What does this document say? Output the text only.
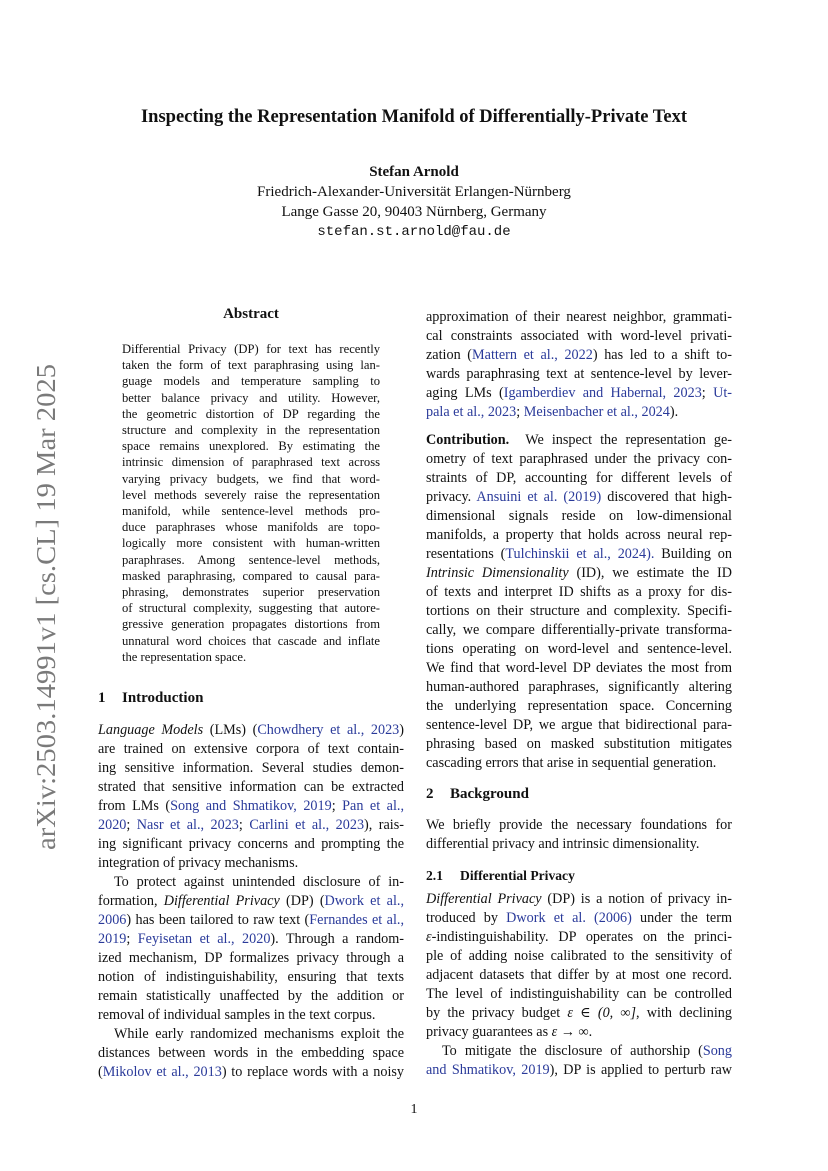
arXiv:2503.14991v1 [cs.CL] 19 Mar 2025
Inspecting the Representation Manifold of Differentially-Private Text
Stefan Arnold
Friedrich-Alexander-Universität Erlangen-Nürnberg
Lange Gasse 20, 90403 Nürnberg, Germany
stefan.st.arnold@fau.de
Abstract
Differential Privacy (DP) for text has recently
taken the form of text paraphrasing using lan-
guage models and temperature sampling to
better balance privacy and utility. However,
the geometric distortion of DP regarding the
structure and complexity in the representation
space remains unexplored. By estimating the
intrinsic dimension of paraphrased text across
varying privacy budgets, we find that word-
level methods severely raise the representation
manifold, while sentence-level methods pro-
duce paraphrases whose manifolds are topo-
logically more consistent with human-written
paraphrases. Among sentence-level methods,
masked paraphrasing, compared to causal para-
phrasing, demonstrates superior preservation
of structural complexity, suggesting that autore-
gressive generation propagates distortions from
unnatural word choices that cascade and inflate
the representation space.
1 Introduction
Language Models (LMs) (Chowdhery et al., 2023)
are trained on extensive corpora of text contain-
ing sensitive information. Several studies demon-
strated that sensitive information can be extracted
from LMs (Song and Shmatikov, 2019; Pan et al.,
2020; Nasr et al., 2023; Carlini et al., 2023), rais-
ing significant privacy concerns and prompting the
integration of privacy mechanisms.
To protect against unintended disclosure of in-
formation, Differential Privacy (DP) (Dwork et al.,
2006) has been tailored to raw text (Fernandes et al.,
2019; Feyisetan et al., 2020). Through a random-
ized mechanism, DP formalizes privacy through a
notion of indistinguishability, ensuring that texts
remain statistically unaffected by the addition or
removal of individual samples in the text corpus.
While early randomized mechanisms exploit the
distances between words in the embedding space
(Mikolov et al., 2013) to replace words with a noisy
approximation of their nearest neighbor, grammati-
cal constraints associated with word-level privati-
zation (Mattern et al., 2022) has led to a shift to-
wards paraphrasing text at sentence-level by lever-
aging LMs (Igamberdiev and Habernal, 2023; Ut-
pala et al., 2023; Meisenbacher et al., 2024).
Contribution. We inspect the representation ge-
ometry of text paraphrased under the privacy con-
straints of DP, accounting for different levels of
privacy. Ansuini et al. (2019) discovered that high-
dimensional signals reside on low-dimensional
manifolds, a property that holds across neural rep-
resentations (Tulchinskii et al., 2024). Building on
Intrinsic Dimensionality (ID), we estimate the ID
of texts and interpret ID shifts as a proxy for dis-
tortions on their structure and complexity. Specifi-
cally, we compare differentially-private transforma-
tions operating on word-level and sentence-level.
We find that word-level DP deviates the most from
human-authored paraphrases, significantly altering
the underlying representation space. Concerning
sentence-level DP, we argue that bidirectional para-
phrasing based on masked substitution mitigates
cascading errors that arise in sequential generation.
2 Background
We briefly provide the necessary foundations for
differential privacy and intrinsic dimensionality.
2.1 Differential Privacy
Differential Privacy (DP) is a notion of privacy in-
troduced by Dwork et al. (2006) under the term
ε-indistinguishability. DP operates on the princi-
ple of adding noise calibrated to the sensitivity of
adjacent datasets that differ by at most one record.
The level of indistinguishability can be controlled
by the privacy budget ε ∈ (0, ∞], with declining
privacy guarantees as ε → ∞.
To mitigate the disclosure of authorship (Song
and Shmatikov, 2019), DP is applied to perturb raw
1
